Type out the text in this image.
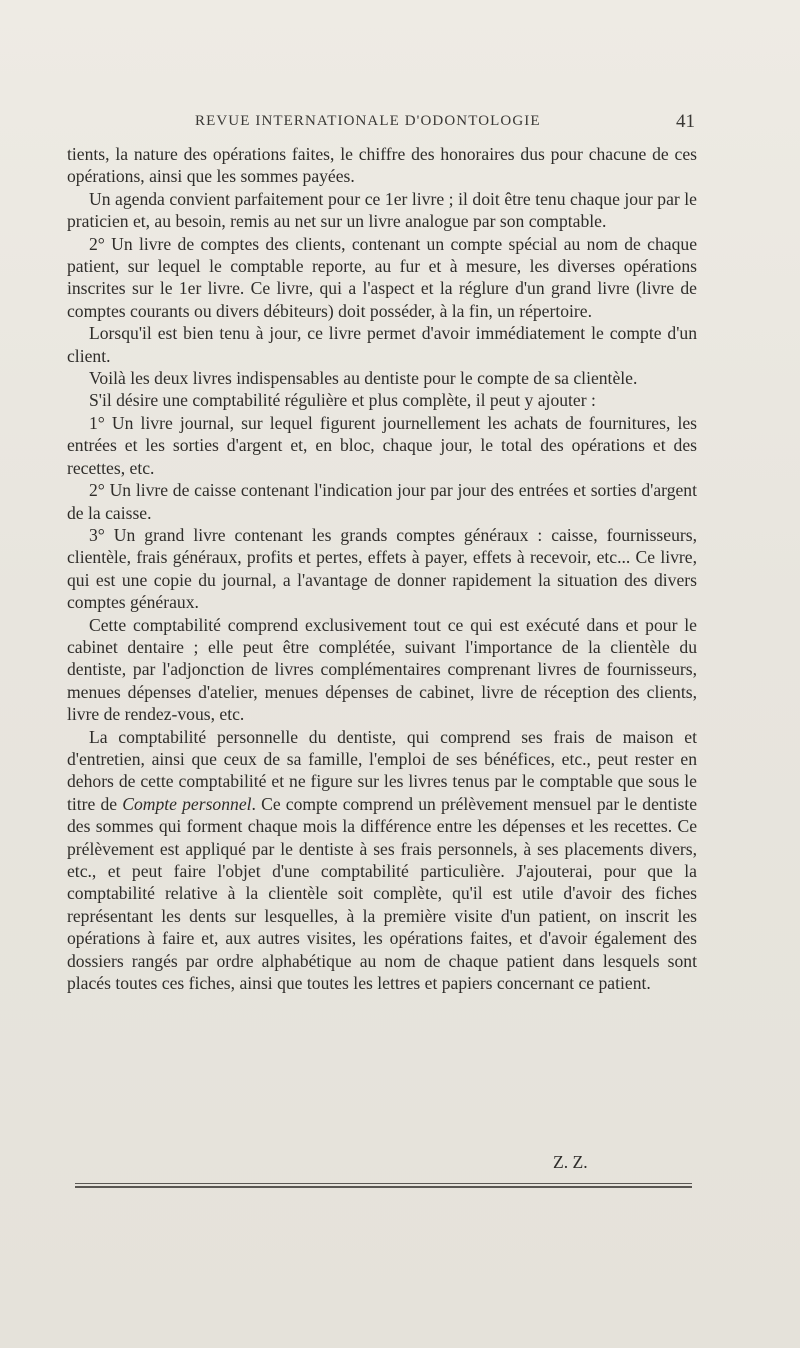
REVUE INTERNATIONALE D'ODONTOLOGIE	41

tients, la nature des opérations faites, le chiffre des honoraires dus pour chacune de ces opérations, ainsi que les sommes payées.

Un agenda convient parfaitement pour ce 1er livre ; il doit être tenu chaque jour par le praticien et, au besoin, remis au net sur un livre analogue par son comptable.

2° Un livre de comptes des clients, contenant un compte spécial au nom de chaque patient, sur lequel le comptable reporte, au fur et à mesure, les diverses opérations inscrites sur le 1er livre. Ce livre, qui a l'aspect et la réglure d'un grand livre (livre de comptes courants ou divers débiteurs) doit posséder, à la fin, un répertoire.

Lorsqu'il est bien tenu à jour, ce livre permet d'avoir immédiatement le compte d'un client.

Voilà les deux livres indispensables au dentiste pour le compte de sa clientèle.

S'il désire une comptabilité régulière et plus complète, il peut y ajouter :

1° Un livre journal, sur lequel figurent journellement les achats de fournitures, les entrées et les sorties d'argent et, en bloc, chaque jour, le total des opérations et des recettes, etc.

2° Un livre de caisse contenant l'indication jour par jour des entrées et sorties d'argent de la caisse.

3° Un grand livre contenant les grands comptes généraux : caisse, fournisseurs, clientèle, frais généraux, profits et pertes, effets à payer, effets à recevoir, etc... Ce livre, qui est une copie du journal, a l'avantage de donner rapidement la situation des divers comptes généraux.

Cette comptabilité comprend exclusivement tout ce qui est exécuté dans et pour le cabinet dentaire ; elle peut être complétée, suivant l'importance de la clientèle du dentiste, par l'adjonction de livres complémentaires comprenant livres de fournisseurs, menues dépenses d'atelier, menues dépenses de cabinet, livre de réception des clients, livre de rendez-vous, etc.

La comptabilité personnelle du dentiste, qui comprend ses frais de maison et d'entretien, ainsi que ceux de sa famille, l'emploi de ses bénéfices, etc., peut rester en dehors de cette comptabilité et ne figure sur les livres tenus par le comptable que sous le titre de Compte personnel. Ce compte comprend un prélèvement mensuel par le dentiste des sommes qui forment chaque mois la différence entre les dépenses et les recettes. Ce prélèvement est appliqué par le dentiste à ses frais personnels, à ses placements divers, etc., et peut faire l'objet d'une comptabilité particulière. J'ajouterai, pour que la comptabilité relative à la clientèle soit complète, qu'il est utile d'avoir des fiches représentant les dents sur lesquelles, à la première visite d'un patient, on inscrit les opérations à faire et, aux autres visites, les opérations faites, et d'avoir également des dossiers rangés par ordre alphabétique au nom de chaque patient dans lesquels sont placés toutes ces fiches, ainsi que toutes les lettres et papiers concernant ce patient.

Z. Z.
